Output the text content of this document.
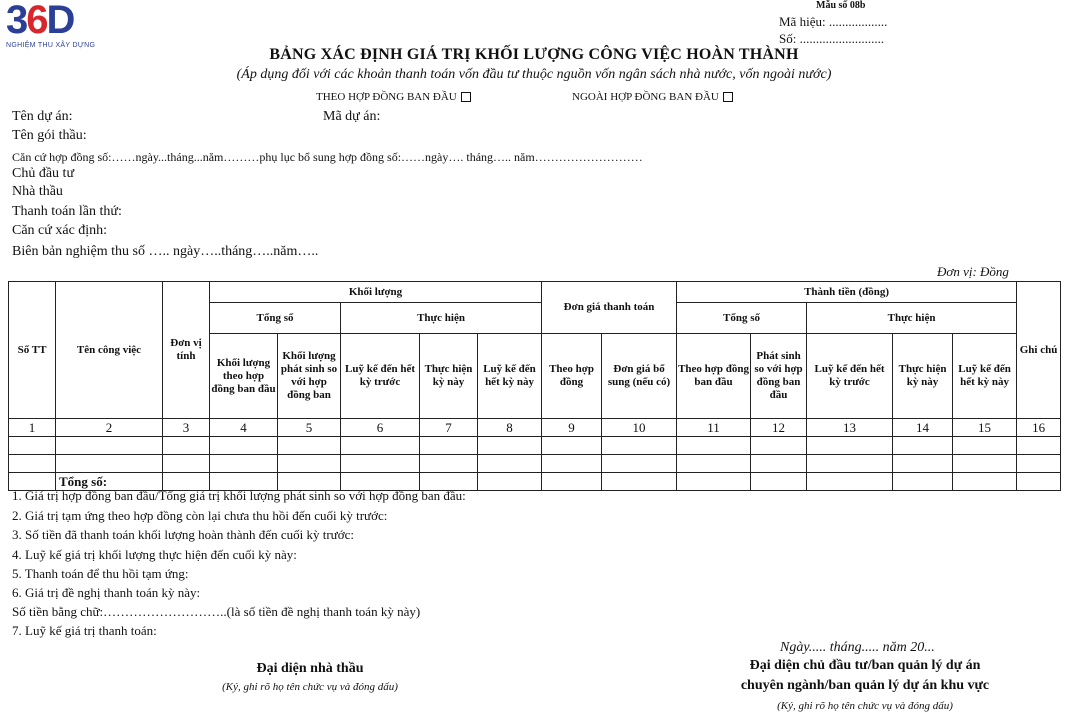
36D
NGHIỆM THU XÂY DỰNG
Mẫu số 08b
Mã hiệu: ..................
Số: ..........................
BẢNG XÁC ĐỊNH GIÁ TRỊ KHỐI LƯỢNG CÔNG VIỆC HOÀN THÀNH
(Áp dụng đối với các khoản thanh toán vốn đầu tư thuộc nguồn vốn ngân sách nhà nước, vốn ngoài nước)
THEO HỢP ĐỒNG BAN ĐẦU	NGOÀI HỢP ĐỒNG BAN ĐẦU
Tên dự án:	Mã dự án:
Tên gói thầu:
Căn cứ hợp đồng số:……ngày...tháng...năm………phụ lục bổ sung hợp đồng số:……ngày…. tháng….. năm………………………
Chủ đầu tư
Nhà thầu
Thanh toán lần thứ:
Căn cứ xác định:
Biên bản nghiệm thu số ….. ngày…..tháng…..năm…..
Đơn vị: Đồng
Số TT	Tên công việc	Đơn vị tính	Khối lượng					Đơn giá thanh toán		Thành tiền (đồng)					Ghi chú
			Tổng số		Thực hiện					Tổng số		Thực hiện			
			Khối lượng theo hợp đồng ban đầu	Khối lượng phát sinh so với hợp đồng ban	Luỹ kế đến hết kỳ trước	Thực hiện kỳ này	Luỹ kế đến hết kỳ này	Theo hợp đồng	Đơn giá bổ sung (nếu có)	Theo hợp đồng ban đầu	Phát sinh so với hợp đồng ban đầu	Luỹ kế đến hết kỳ trước	Thực hiện kỳ này	Luỹ kế đến hết kỳ này	
1	2	3	4	5	6	7	8	9	10	11	12	13	14	15	16

	Tổng số:														
1. Giá trị hợp đồng ban đầu/Tổng giá trị khối lượng phát sinh so với hợp đồng ban đầu:
2. Giá trị tạm ứng theo hợp đồng còn lại chưa thu hồi đến cuối kỳ trước:
3. Số tiền đã thanh toán khối lượng hoàn thành đến cuối kỳ trước:
4. Luỹ kế giá trị khối lượng thực hiện đến cuối kỳ này:
5. Thanh toán để thu hồi tạm ứng:
6. Giá trị đề nghị thanh toán kỳ này:
Số tiền bằng chữ:………………………..(là số tiền đề nghị thanh toán kỳ này)
7. Luỹ kế giá trị thanh toán:
Ngày..... tháng..... năm 20...
Đại diện nhà thầu
(Ký, ghi rõ họ tên chức vụ và đóng dấu)
Đại diện chủ đầu tư/ban quản lý dự án
chuyên ngành/ban quản lý dự án khu vực
(Ký, ghi rõ họ tên chức vụ và đóng dấu)
